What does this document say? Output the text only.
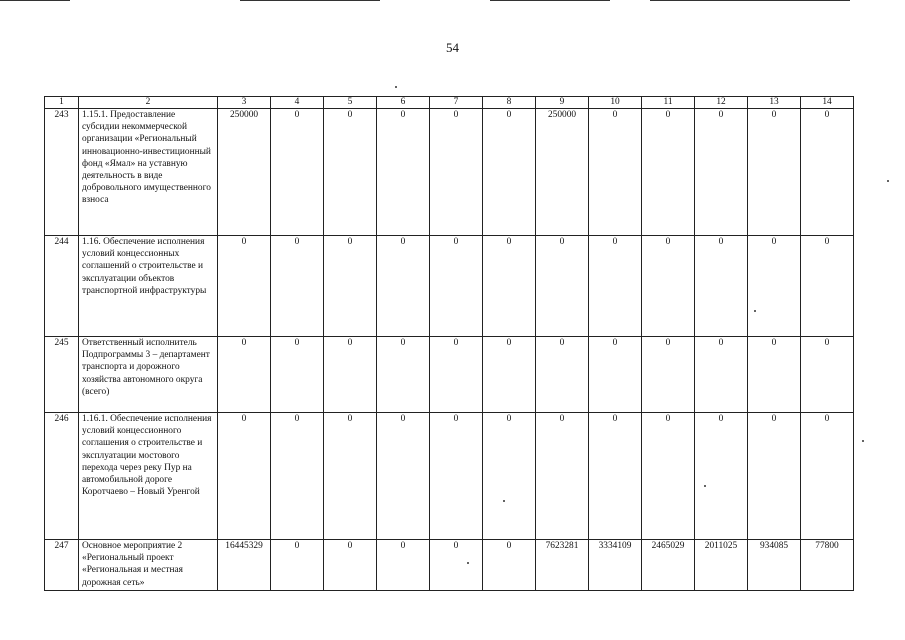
54
1	2	3	4	5	6	7	8	9	10	11	12	13	14
243	1.15.1. Предоставление субсидии некоммерческой организации «Региональный инновационно-инвестиционный фонд «Ямал» на уставную деятельность в виде добровольного имущественного взноса	250000	0	0	0	0	0	250000	0	0	0	0	0
244	1.16. Обеспечение исполнения условий концессионных соглашений о строительстве и эксплуатации объектов транспортной инфраструктуры	0	0	0	0	0	0	0	0	0	0	0	0
245	Ответственный исполнитель Подпрограммы 3 – департамент транспорта и дорожного хозяйства автономного округа (всего)	0	0	0	0	0	0	0	0	0	0	0	0
246	1.16.1. Обеспечение исполнения условий концессионного соглашения о строительстве и эксплуатации мостового перехода через реку Пур на автомобильной дороге Коротчаево – Новый Уренгой	0	0	0	0	0	0	0	0	0	0	0	0
247	Основное мероприятие 2 «Региональный проект «Региональная и местная дорожная сеть»	16445329	0	0	0	0	0	7623281	3334109	2465029	2011025	934085	77800
